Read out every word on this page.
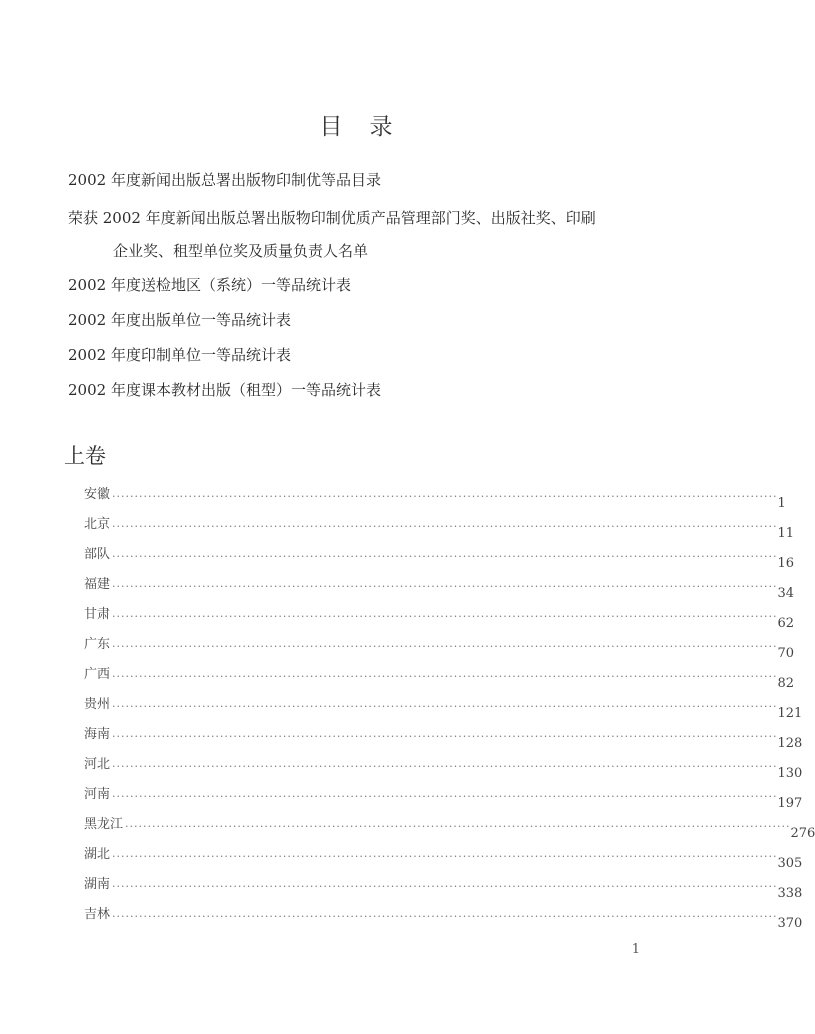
目　录
2002 年度新闻出版总署出版物印制优等品目录
荣获 2002 年度新闻出版总署出版物印制优质产品管理部门奖、出版社奖、印刷
企业奖、租型单位奖及质量负责人名单
2002 年度送检地区（系统）一等品统计表
2002 年度出版单位一等品统计表
2002 年度印制单位一等品统计表
2002 年度课本教材出版（租型）一等品统计表
上卷
安徽 ....................................................................................................................................................
1
北京 ....................................................................................................................................................
11
部队 ....................................................................................................................................................
16
福建 ....................................................................................................................................................
34
甘肃 ....................................................................................................................................................
62
广东 ....................................................................................................................................................
70
广西 ....................................................................................................................................................
82
贵州 ....................................................................................................................................................
121
海南 ....................................................................................................................................................
128
河北 ....................................................................................................................................................
130
河南 ....................................................................................................................................................
197
黑龙江 ....................................................................................................................................................
276
湖北 ....................................................................................................................................................
305
湖南 ....................................................................................................................................................
338
吉林 ....................................................................................................................................................
370
1
